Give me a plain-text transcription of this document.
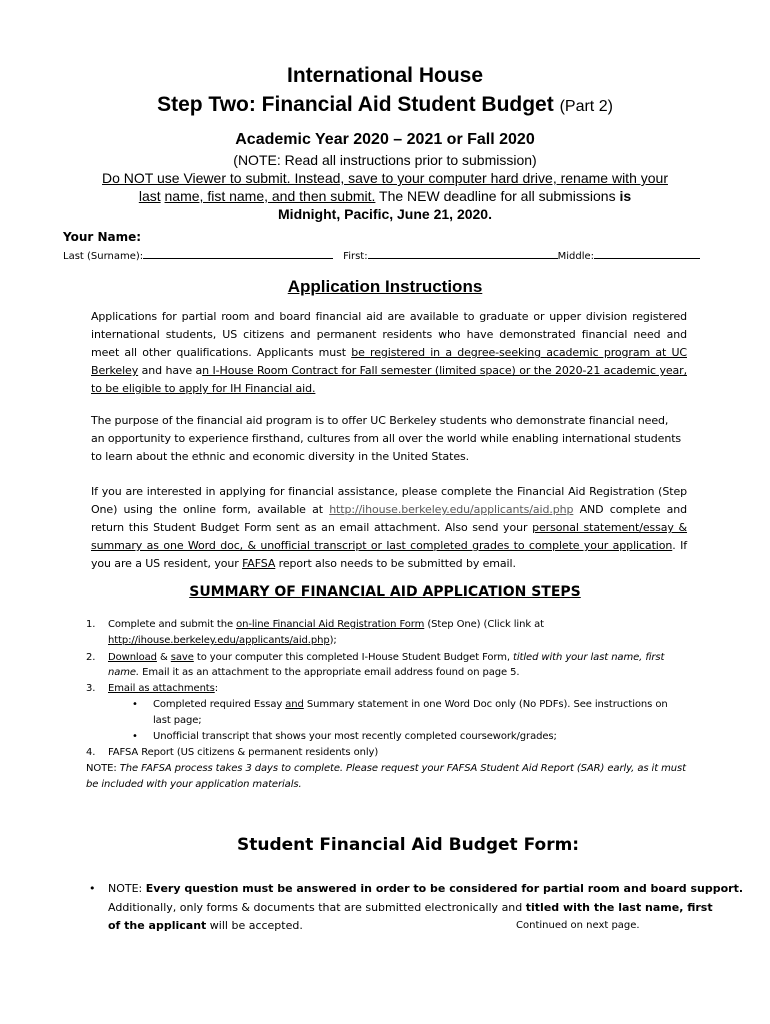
International House
Step Two: Financial Aid Student Budget (Part 2)
Academic Year 2020 – 2021 or Fall 2020
(NOTE: Read all instructions prior to submission)
Do NOT use Viewer to submit. Instead, save to your computer hard drive, rename with your
last name, fist name, and then submit. The NEW deadline for all submissions is
Midnight, Pacific, June 21, 2020.
Your Name:
Last (Surname):	First:	Middle:
Application Instructions
Applications for partial room and board financial aid are available to graduate or upper division registered
international students, US citizens and permanent residents who have demonstrated financial need and
meet all other qualifications. Applicants must be registered in a degree-seeking academic program at UC
Berkeley and have an I-House Room Contract for Fall semester (limited space) or the 2020-21 academic year,
to be eligible to apply for IH Financial aid.
The purpose of the financial aid program is to offer UC Berkeley students who demonstrate financial need,
an opportunity to experience firsthand, cultures from all over the world while enabling international students
to learn about the ethnic and economic diversity in the United States.
If you are interested in applying for financial assistance, please complete the Financial Aid Registration (Step
One) using the online form, available at http://ihouse.berkeley.edu/applicants/aid.php AND complete and
return this Student Budget Form sent as an email attachment. Also send your personal statement/essay &
summary as one Word doc, & unofficial transcript or last completed grades to complete your application. If
you are a US resident, your FAFSA report also needs to be submitted by email.
SUMMARY OF FINANCIAL AID APPLICATION STEPS
1. Complete and submit the on-line Financial Aid Registration Form (Step One) (Click link at
http://ihouse.berkeley.edu/applicants/aid.php);
2. Download & save to your computer this completed I-House Student Budget Form, titled with your last name, first
name. Email it as an attachment to the appropriate email address found on page 5.
3. Email as attachments:
•
Completed required Essay and Summary statement in one Word Doc only (No PDFs). See instructions on
last page;
•
Unofficial transcript that shows your most recently completed coursework/grades;
4. FAFSA Report (US citizens & permanent residents only)
NOTE: The FAFSA process takes 3 days to complete. Please request your FAFSA Student Aid Report (SAR) early, as it must
be included with your application materials.
Student Financial Aid Budget Form:
•
NOTE: Every question must be answered in order to be considered for partial room and board support.
Additionally, only forms & documents that are submitted electronically and titled with the last name, first
of the applicant will be accepted.	Continued on next page.
